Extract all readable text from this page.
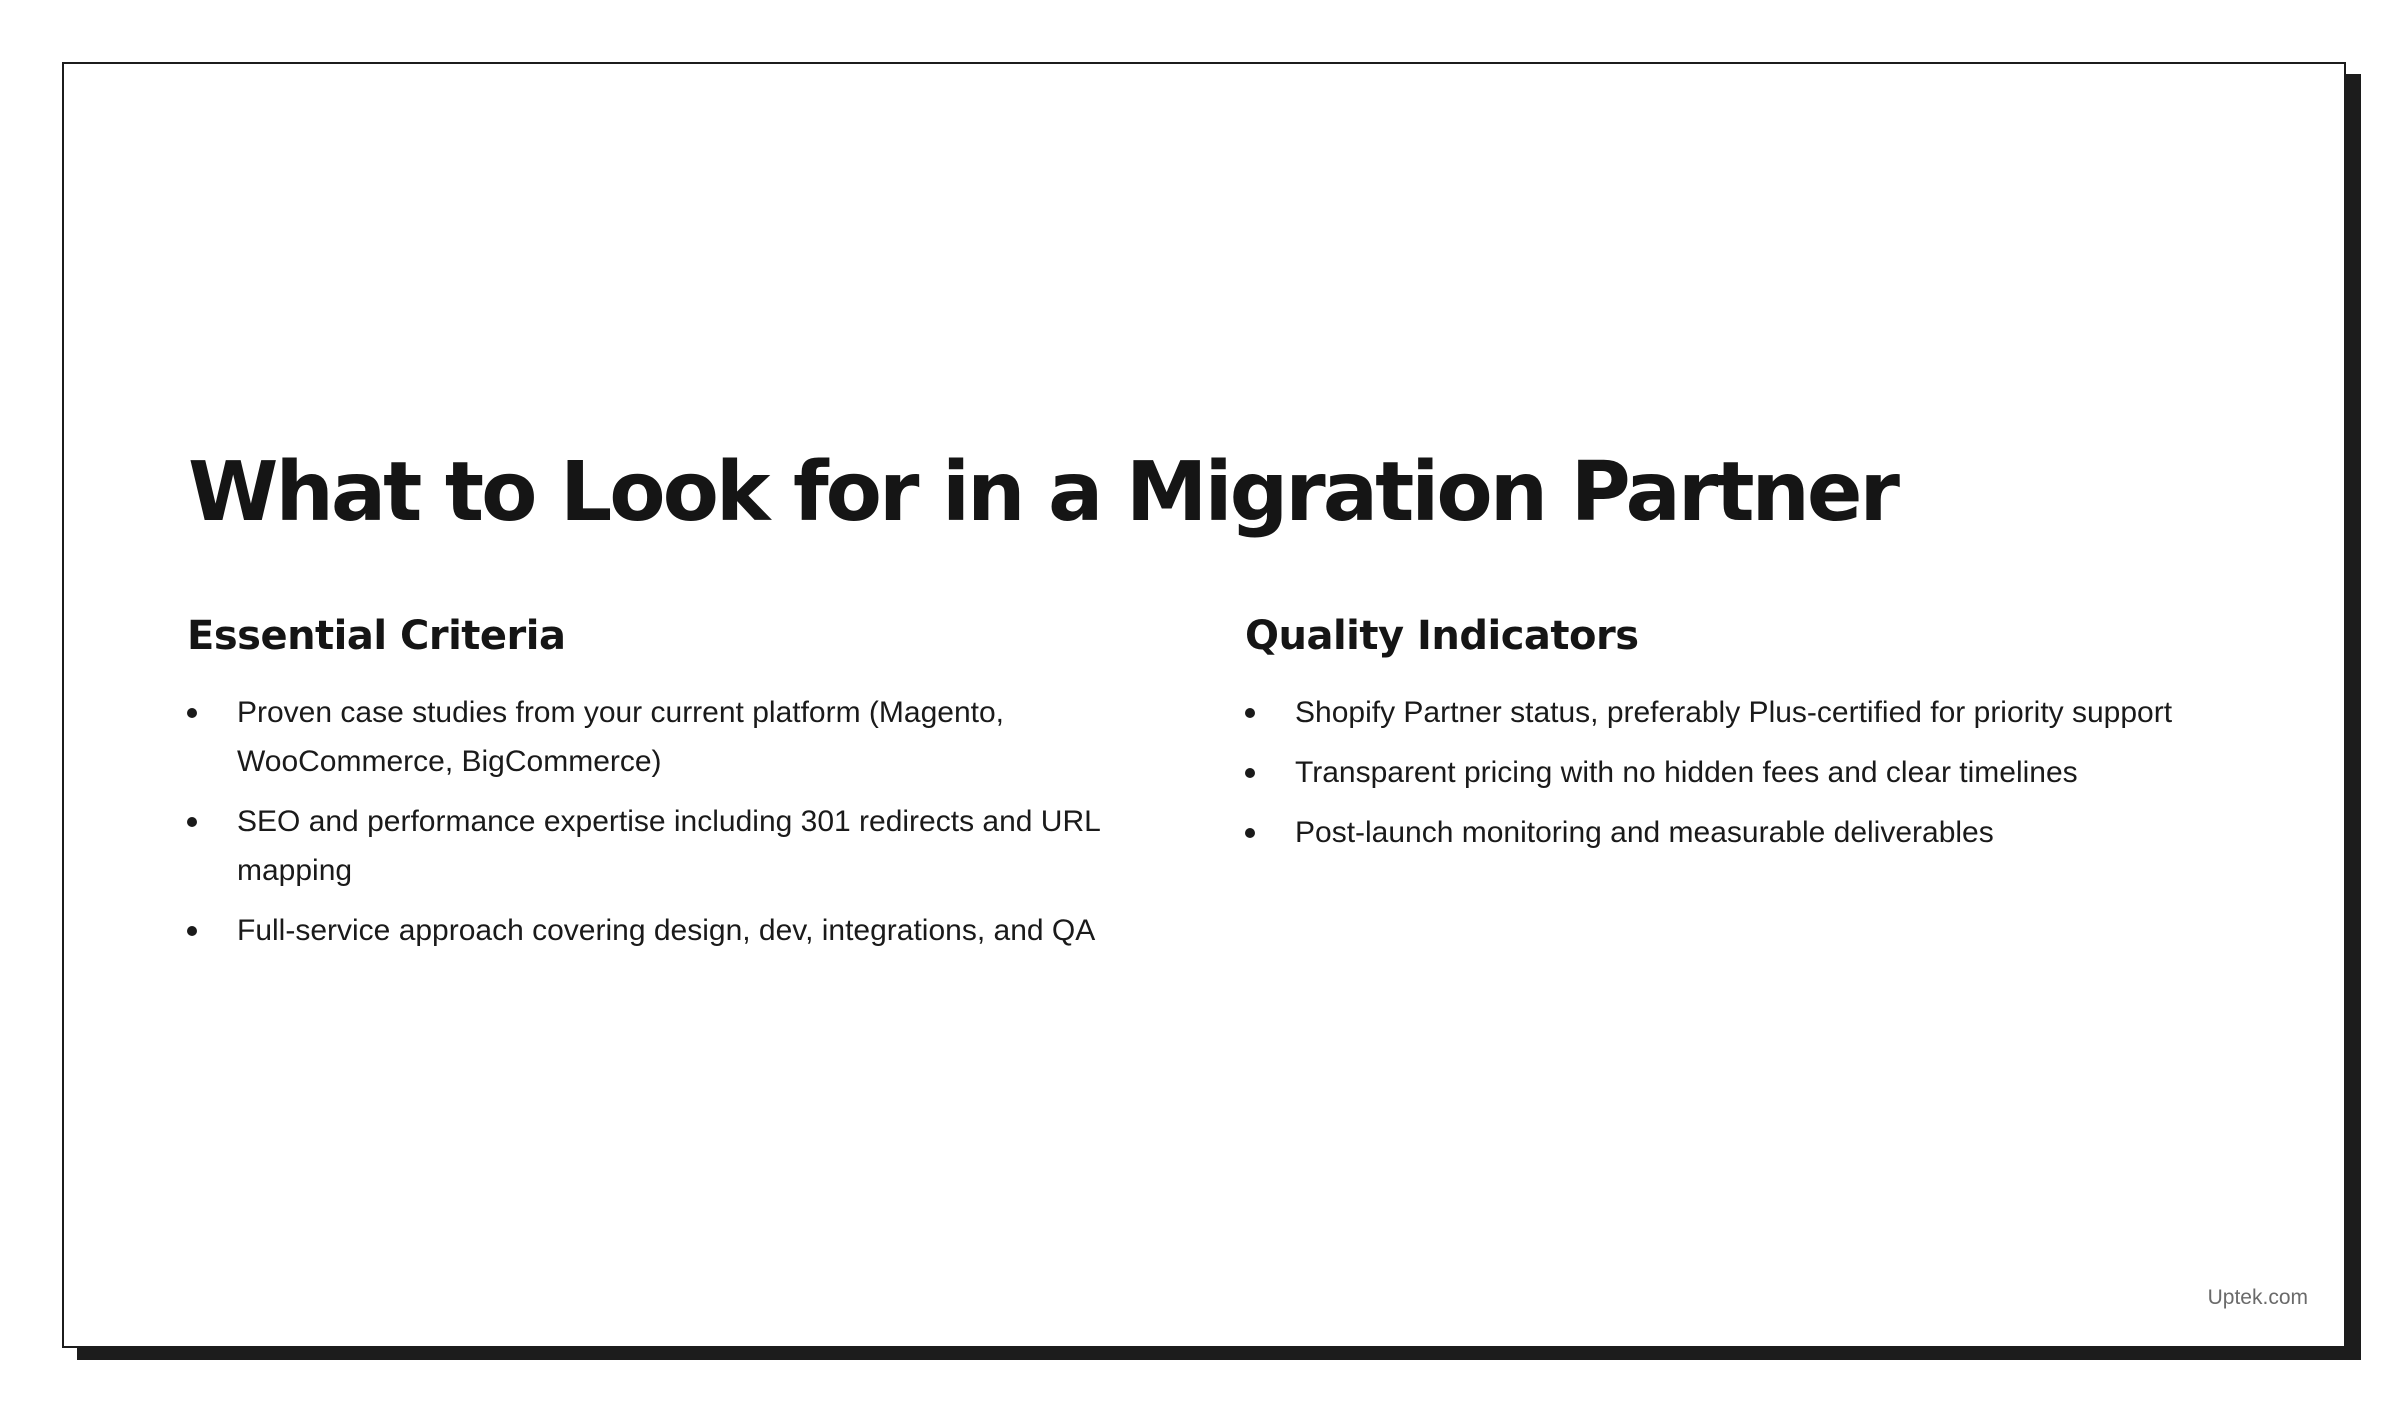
What to Look for in a Migration Partner
Essential Criteria
Proven case studies from your current platform (Magento, WooCommerce, BigCommerce)
SEO and performance expertise including 301 redirects and URL mapping
Full-service approach covering design, dev, integrations, and QA
Quality Indicators
Shopify Partner status, preferably Plus-certified for priority support
Transparent pricing with no hidden fees and clear timelines
Post-launch monitoring and measurable deliverables
Uptek.com
